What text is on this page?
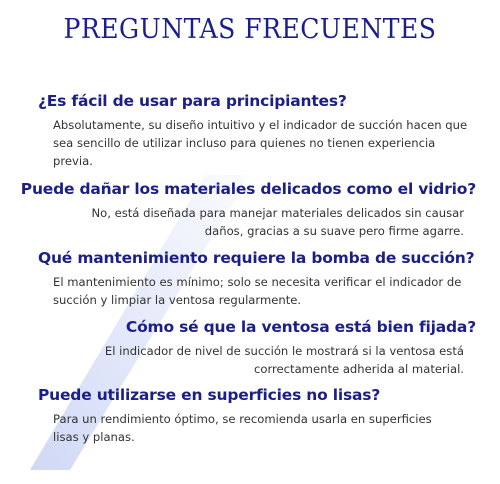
PREGUNTAS FRECUENTES
¿Es fácil de usar para principiantes?
Absolutamente, su diseño intuitivo y el indicador de succión hacen que
sea sencillo de utilizar incluso para quienes no tienen experiencia previa.
Puede dañar los materiales delicados como el vidrio?
No, está diseñada para manejar materiales delicados sin causar
daños, gracias a su suave pero firme agarre.
Qué mantenimiento requiere la bomba de succión?
El mantenimiento es mínimo; solo se necesita verificar el indicador de
succión y limpiar la ventosa regularmente.
Cómo sé que la ventosa está bien fijada?
El indicador de nivel de succión le mostrará si la ventosa está
correctamente adherida al material.
Puede utilizarse en superficies no lisas?
Para un rendimiento óptimo, se recomienda usarla en superficies
lisas y planas.
